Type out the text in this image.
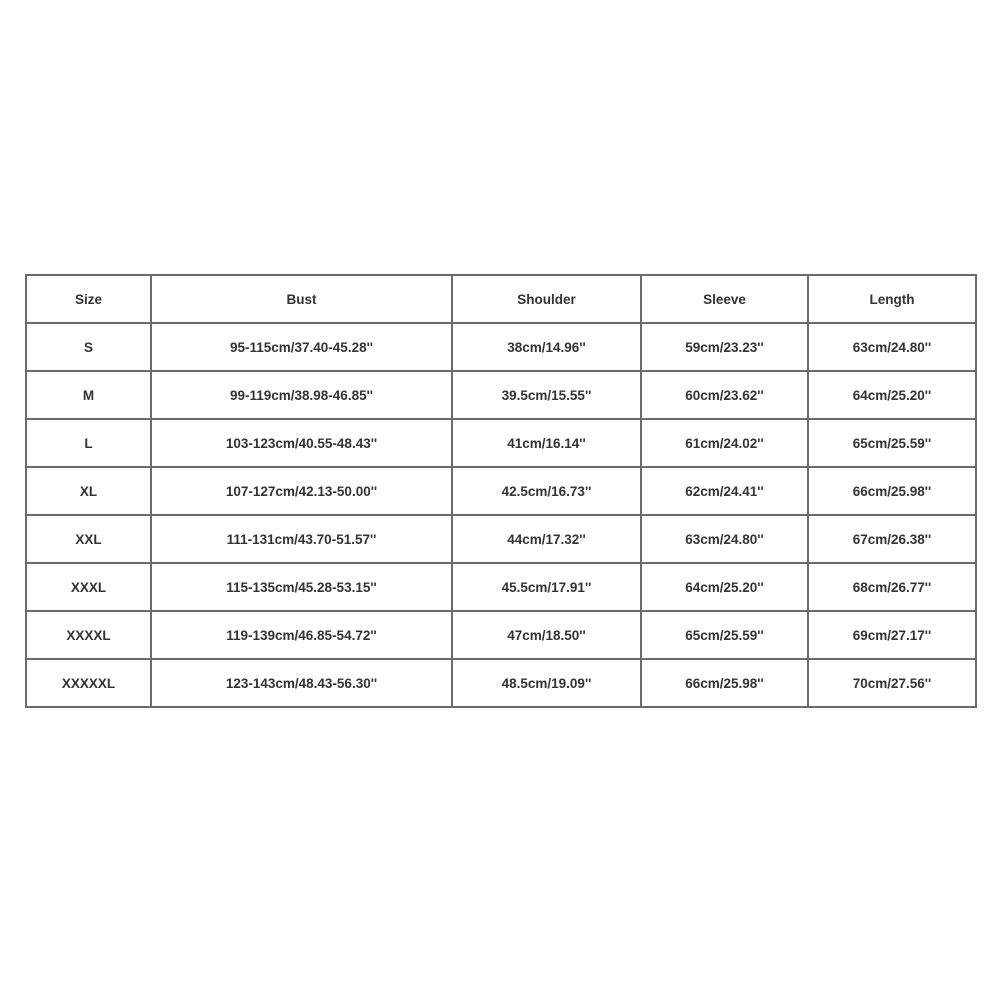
Size	Bust	Shoulder	Sleeve	Length
S	95-115cm/37.40-45.28''	38cm/14.96''	59cm/23.23''	63cm/24.80''
M	99-119cm/38.98-46.85''	39.5cm/15.55''	60cm/23.62''	64cm/25.20''
L	103-123cm/40.55-48.43''	41cm/16.14''	61cm/24.02''	65cm/25.59''
XL	107-127cm/42.13-50.00''	42.5cm/16.73''	62cm/24.41''	66cm/25.98''
XXL	111-131cm/43.70-51.57''	44cm/17.32''	63cm/24.80''	67cm/26.38''
XXXL	115-135cm/45.28-53.15''	45.5cm/17.91''	64cm/25.20''	68cm/26.77''
XXXXL	119-139cm/46.85-54.72''	47cm/18.50''	65cm/25.59''	69cm/27.17''
XXXXXL	123-143cm/48.43-56.30''	48.5cm/19.09''	66cm/25.98''	70cm/27.56''
